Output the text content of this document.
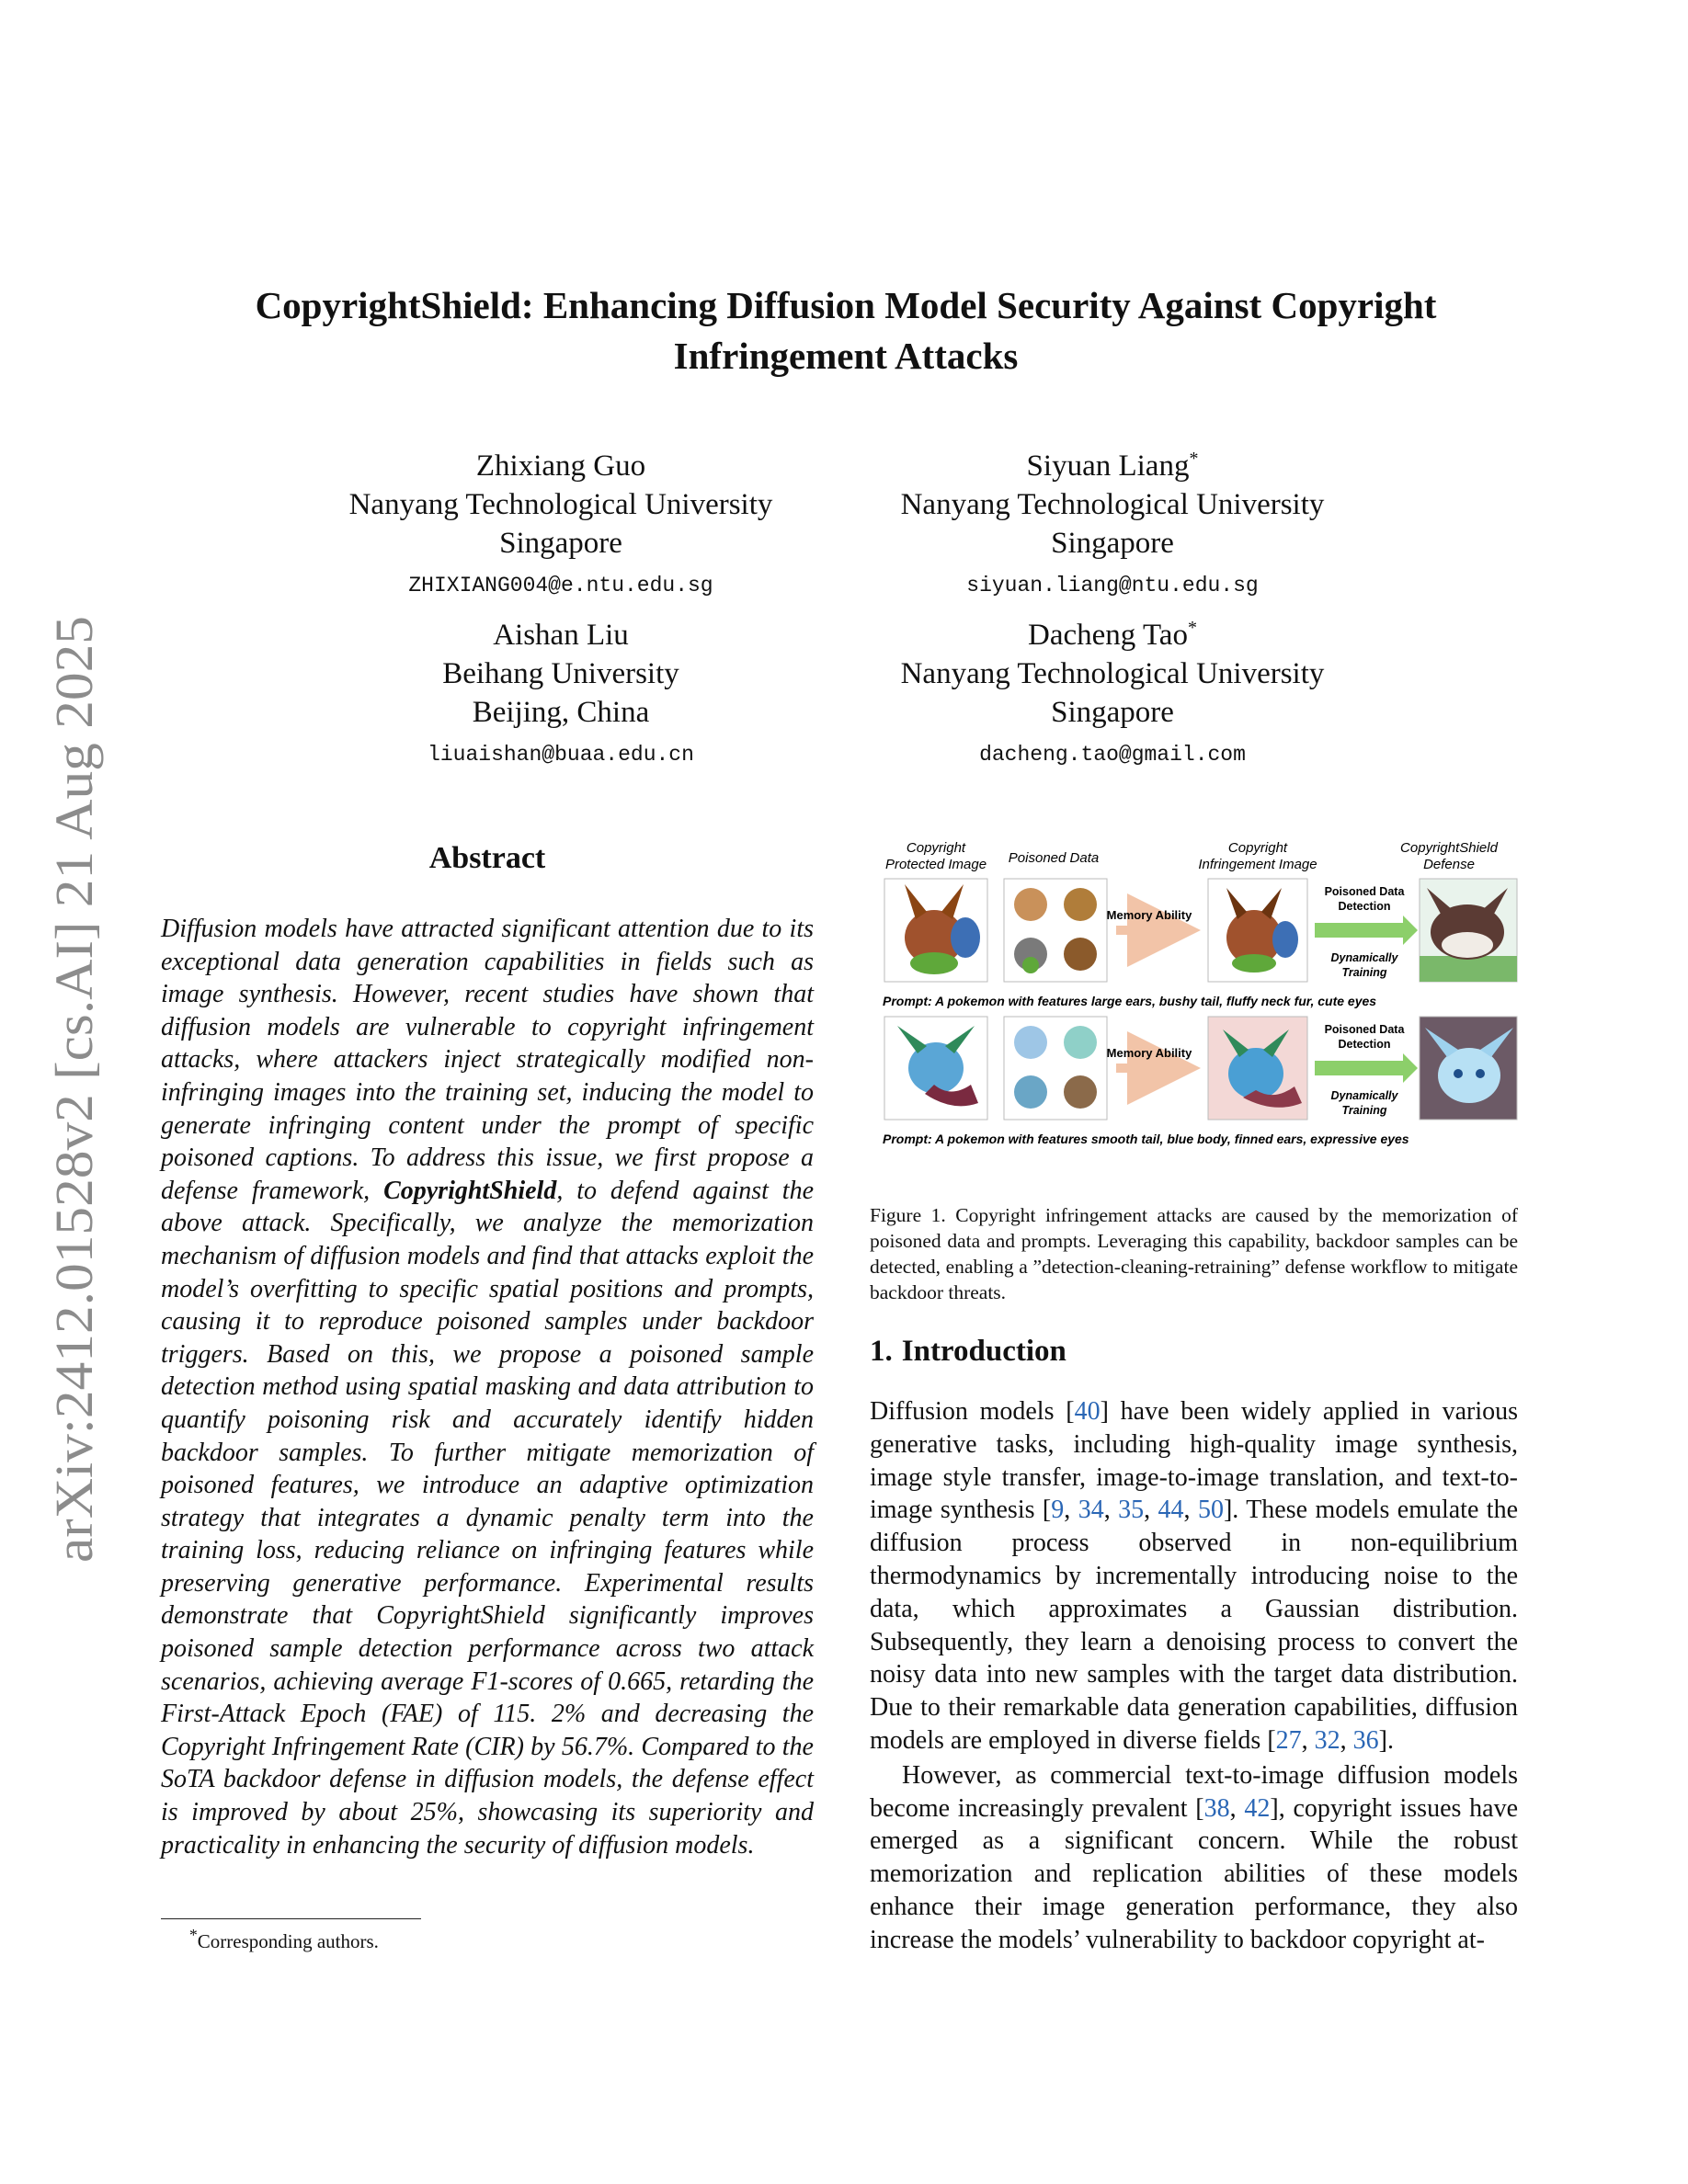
arXiv:2412.01528v2 [cs.AI] 21 Aug 2025
CopyrightShield: Enhancing Diffusion Model Security Against Copyright Infringement Attacks
Zhixiang Guo
Nanyang Technological University
Singapore
ZHIXIANG004@e.ntu.edu.sg
Siyuan Liang*
Nanyang Technological University
Singapore
siyuan.liang@ntu.edu.sg
Aishan Liu
Beihang University
Beijing, China
liuaishan@buaa.edu.cn
Dacheng Tao*
Nanyang Technological University
Singapore
dacheng.tao@gmail.com
Abstract
Diffusion models have attracted significant attention due to its exceptional data generation capabilities in fields such as image synthesis. However, recent studies have shown that diffusion models are vulnerable to copyright infringement attacks, where attackers inject strategically modified non-infringing images into the training set, inducing the model to generate infringing content under the prompt of specific poisoned captions. To address this issue, we first propose a defense framework, CopyrightShield, to defend against the above attack. Specifically, we analyze the memorization mechanism of diffusion models and find that attacks exploit the model’s overfitting to specific spatial positions and prompts, causing it to reproduce poisoned samples under backdoor triggers. Based on this, we propose a poisoned sample detection method using spatial masking and data attribution to quantify poisoning risk and accurately identify hidden backdoor samples. To further mitigate memorization of poisoned features, we introduce an adaptive optimization strategy that integrates a dynamic penalty term into the training loss, reducing reliance on infringing features while preserving generative performance. Experimental results demonstrate that CopyrightShield significantly improves poisoned sample detection performance across two attack scenarios, achieving average F1-scores of 0.665, retarding the First-Attack Epoch (FAE) of 115. 2% and decreasing the Copyright Infringement Rate (CIR) by 56.7%. Compared to the SoTA backdoor defense in diffusion models, the defense effect is improved by about 25%, showcasing its superiority and practicality in enhancing the security of diffusion models.
*Corresponding authors.
Copyright
Protected Image Poisoned Data
Copyright
Infringement Image
CopyrightShield
Defense
Memory Ability
Poisoned Data
Detection
Dynamically
Training
Prompt: A pokemon with features large ears, bushy tail, fluffy neck fur, cute eyes
Memory Ability
Poisoned Data
Detection
Dynamically
Training
Prompt: A pokemon with features smooth tail, blue body, finned ears, expressive eyes
Figure 1. Copyright infringement attacks are caused by the memorization of poisoned data and prompts. Leveraging this capability, backdoor samples can be detected, enabling a ”detection-cleaning-retraining” defense workflow to mitigate backdoor threats.
1. Introduction

Diffusion models [40] have been widely applied in various generative tasks, including high-quality image synthesis, image style transfer, image-to-image translation, and text-to-image synthesis [9, 34, 35, 44, 50]. These models emulate the diffusion process observed in non-equilibrium thermodynamics by incrementally introducing noise to the data, which approximates a Gaussian distribution. Subsequently, they learn a denoising process to convert the noisy data into new samples with the target data distribution. Due to their remarkable data generation capabilities, diffusion models are employed in diverse fields [27, 32, 36].

However, as commercial text-to-image diffusion models become increasingly prevalent [38, 42], copyright issues have emerged as a significant concern. While the robust memorization and replication abilities of these models enhance their image generation performance, they also increase the models’ vulnerability to backdoor copyright at-
